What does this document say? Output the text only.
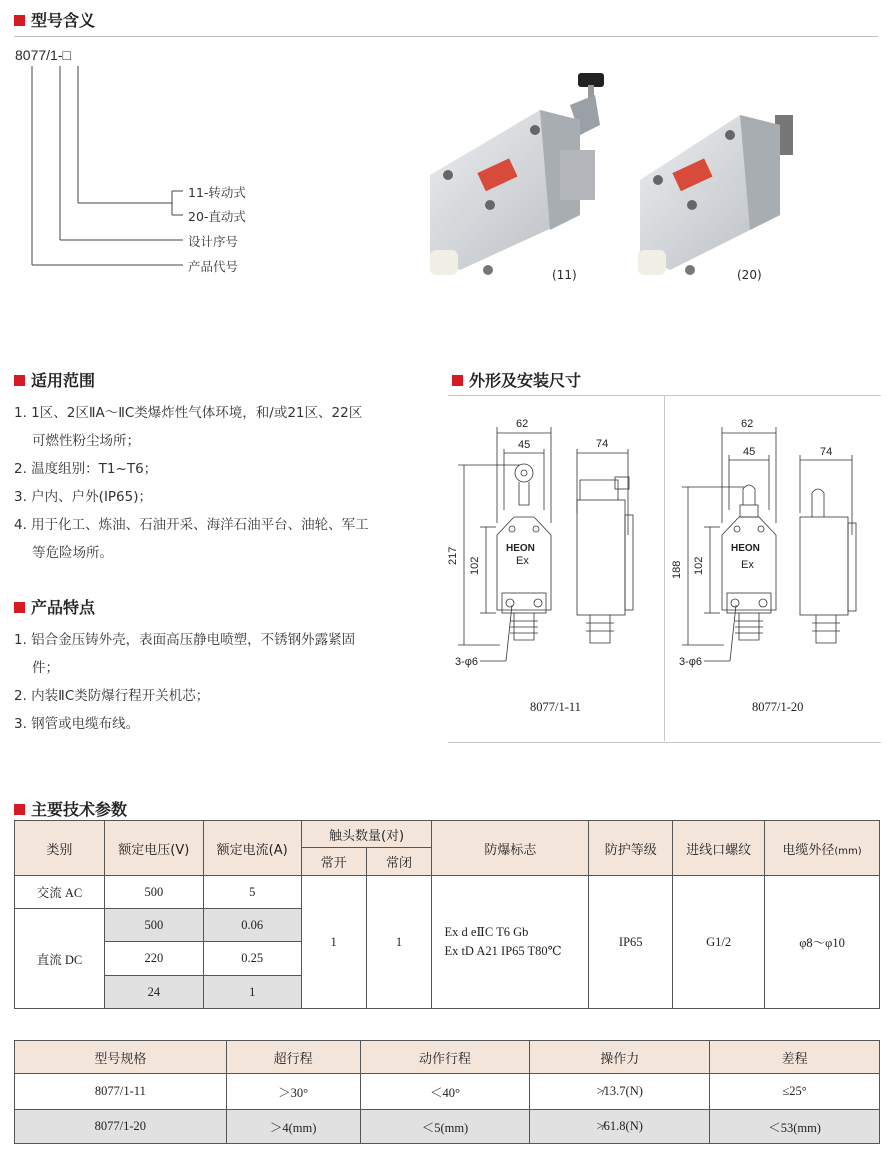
型号含义
8077/1-□
11-转动式
20-直动式
设计序号
产品代号
(11)	(20)
适用范围
1. 1区、2区ⅡA～ⅡC类爆炸性气体环境，和/或21区、22区可燃性粉尘场所；
2. 温度组别：T1~T6；
3. 户内、户外(IP65)；
4. 用于化工、炼油、石油开采、海洋石油平台、油轮、军工等危险场所。
产品特点
1. 铝合金压铸外壳，表面高压静电喷塑，不锈钢外露紧固件；
2. 内装ⅡC类防爆行程开关机芯；
3. 钢管或电缆布线。
外形及安装尺寸
62
45	74
217
102
HEON
Ex
3-φ6
8077/1-11
62
45	74
188 102
HEON
Ex
3-φ6
8077/1-20
主要技术参数
类别	额定电压(V)	额定电流(A)	触头数量(对)		防爆标志	防护等级	进线口螺纹	电缆外径(mm)
			常开	常闭				
交流 AC	500	5	1	1	Ex d eⅡC T6 Gb
Ex tD A21 IP65 T80℃	IP65	G1/2	φ8～φ10
直流 DC	500	0.06						
	220	0.25						
	24	1						
型号规格	超行程	动作行程	操作力	差程
8077/1-11	＞30°	＜40°	≯13.7(N)	≤25°
8077/1-20	＞4(mm)	＜5(mm)	≯61.8(N)	＜53(mm)
